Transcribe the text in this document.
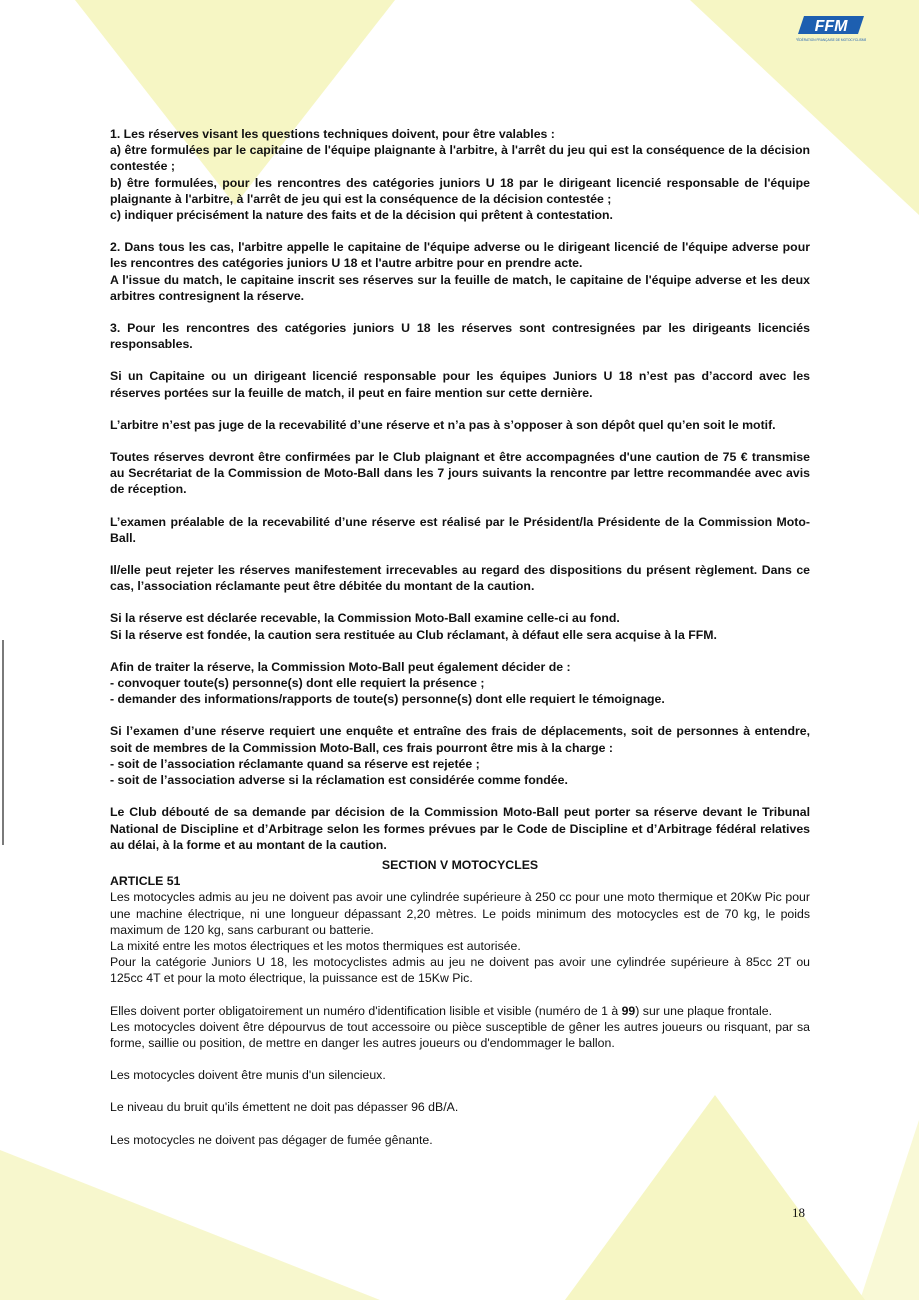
FFM
FÉDÉRATION FRANÇAISE DE MOTOCYCLISME

1. Les réserves visant les questions techniques doivent, pour être valables :
a) être formulées par le capitaine de l'équipe plaignante à l'arbitre, à l'arrêt du jeu qui est la conséquence de la décision contestée ;
b) être formulées, pour les rencontres des catégories juniors U 18 par le dirigeant licencié responsable de l'équipe plaignante à l'arbitre, à l'arrêt de jeu qui est la conséquence de la décision contestée ;
c) indiquer précisément la nature des faits et de la décision qui prêtent à contestation.

2. Dans tous les cas, l'arbitre appelle le capitaine de l'équipe adverse ou le dirigeant licencié de l'équipe adverse pour les rencontres des catégories juniors U 18 et l'autre arbitre pour en prendre acte.
A l'issue du match, le capitaine inscrit ses réserves sur la feuille de match, le capitaine de l'équipe adverse et les deux arbitres contresignent la réserve.

3. Pour les rencontres des catégories juniors U 18 les réserves sont contresignées par les dirigeants licenciés responsables.

Si un Capitaine ou un dirigeant licencié responsable pour les équipes Juniors U 18 n’est pas d’accord avec les réserves portées sur la feuille de match, il peut en faire mention sur cette dernière.

L’arbitre n’est pas juge de la recevabilité d’une réserve et n’a pas à s’opposer à son dépôt quel qu’en soit le motif.

Toutes réserves devront être confirmées par le Club plaignant et être accompagnées d'une caution de 75 € transmise au Secrétariat de la Commission de Moto-Ball dans les 7 jours suivants la rencontre par lettre recommandée avec avis de réception.

L’examen préalable de la recevabilité d’une réserve est réalisé par le Président/la Présidente de la Commission Moto-Ball.

Il/elle peut rejeter les réserves manifestement irrecevables au regard des dispositions du présent règlement. Dans ce cas, l’association réclamante peut être débitée du montant de la caution.

Si la réserve est déclarée recevable, la Commission Moto-Ball examine celle-ci au fond.
Si la réserve est fondée, la caution sera restituée au Club réclamant, à défaut elle sera acquise à la FFM.

Afin de traiter la réserve, la Commission Moto-Ball peut également décider de :
- convoquer toute(s) personne(s) dont elle requiert la présence ;
- demander des informations/rapports de toute(s) personne(s) dont elle requiert le témoignage.

Si l’examen d’une réserve requiert une enquête et entraîne des frais de déplacements, soit de personnes à entendre, soit de membres de la Commission Moto-Ball, ces frais pourront être mis à la charge :
- soit de l’association réclamante quand sa réserve est rejetée ;
- soit de l’association adverse si la réclamation est considérée comme fondée.

Le Club débouté de sa demande par décision de la Commission Moto-Ball peut porter sa réserve devant le Tribunal National de Discipline et d’Arbitrage selon les formes prévues par le Code de Discipline et d’Arbitrage fédéral relatives au délai, à la forme et au montant de la caution.

SECTION V MOTOCYCLES
ARTICLE 51

Les motocycles admis au jeu ne doivent pas avoir une cylindrée supérieure à 250 cc pour une moto thermique et 20Kw Pic pour une machine électrique, ni une longueur dépassant 2,20 mètres. Le poids minimum des motocycles est de 70 kg, le poids maximum de 120 kg, sans carburant ou batterie.
La mixité entre les motos électriques et les motos thermiques est autorisée.
Pour la catégorie Juniors U 18, les motocyclistes admis au jeu ne doivent pas avoir une cylindrée supérieure à 85cc 2T ou 125cc 4T et pour la moto électrique, la puissance est de 15Kw Pic.

Elles doivent porter obligatoirement un numéro d'identification lisible et visible (numéro de 1 à 99) sur une plaque frontale.
Les motocycles doivent être dépourvus de tout accessoire ou pièce susceptible de gêner les autres joueurs ou risquant, par sa forme, saillie ou position, de mettre en danger les autres joueurs ou d'endommager le ballon.

Les motocycles doivent être munis d'un silencieux.

Le niveau du bruit qu'ils émettent ne doit pas dépasser 96 dB/A.

Les motocycles ne doivent pas dégager de fumée gênante.

18
